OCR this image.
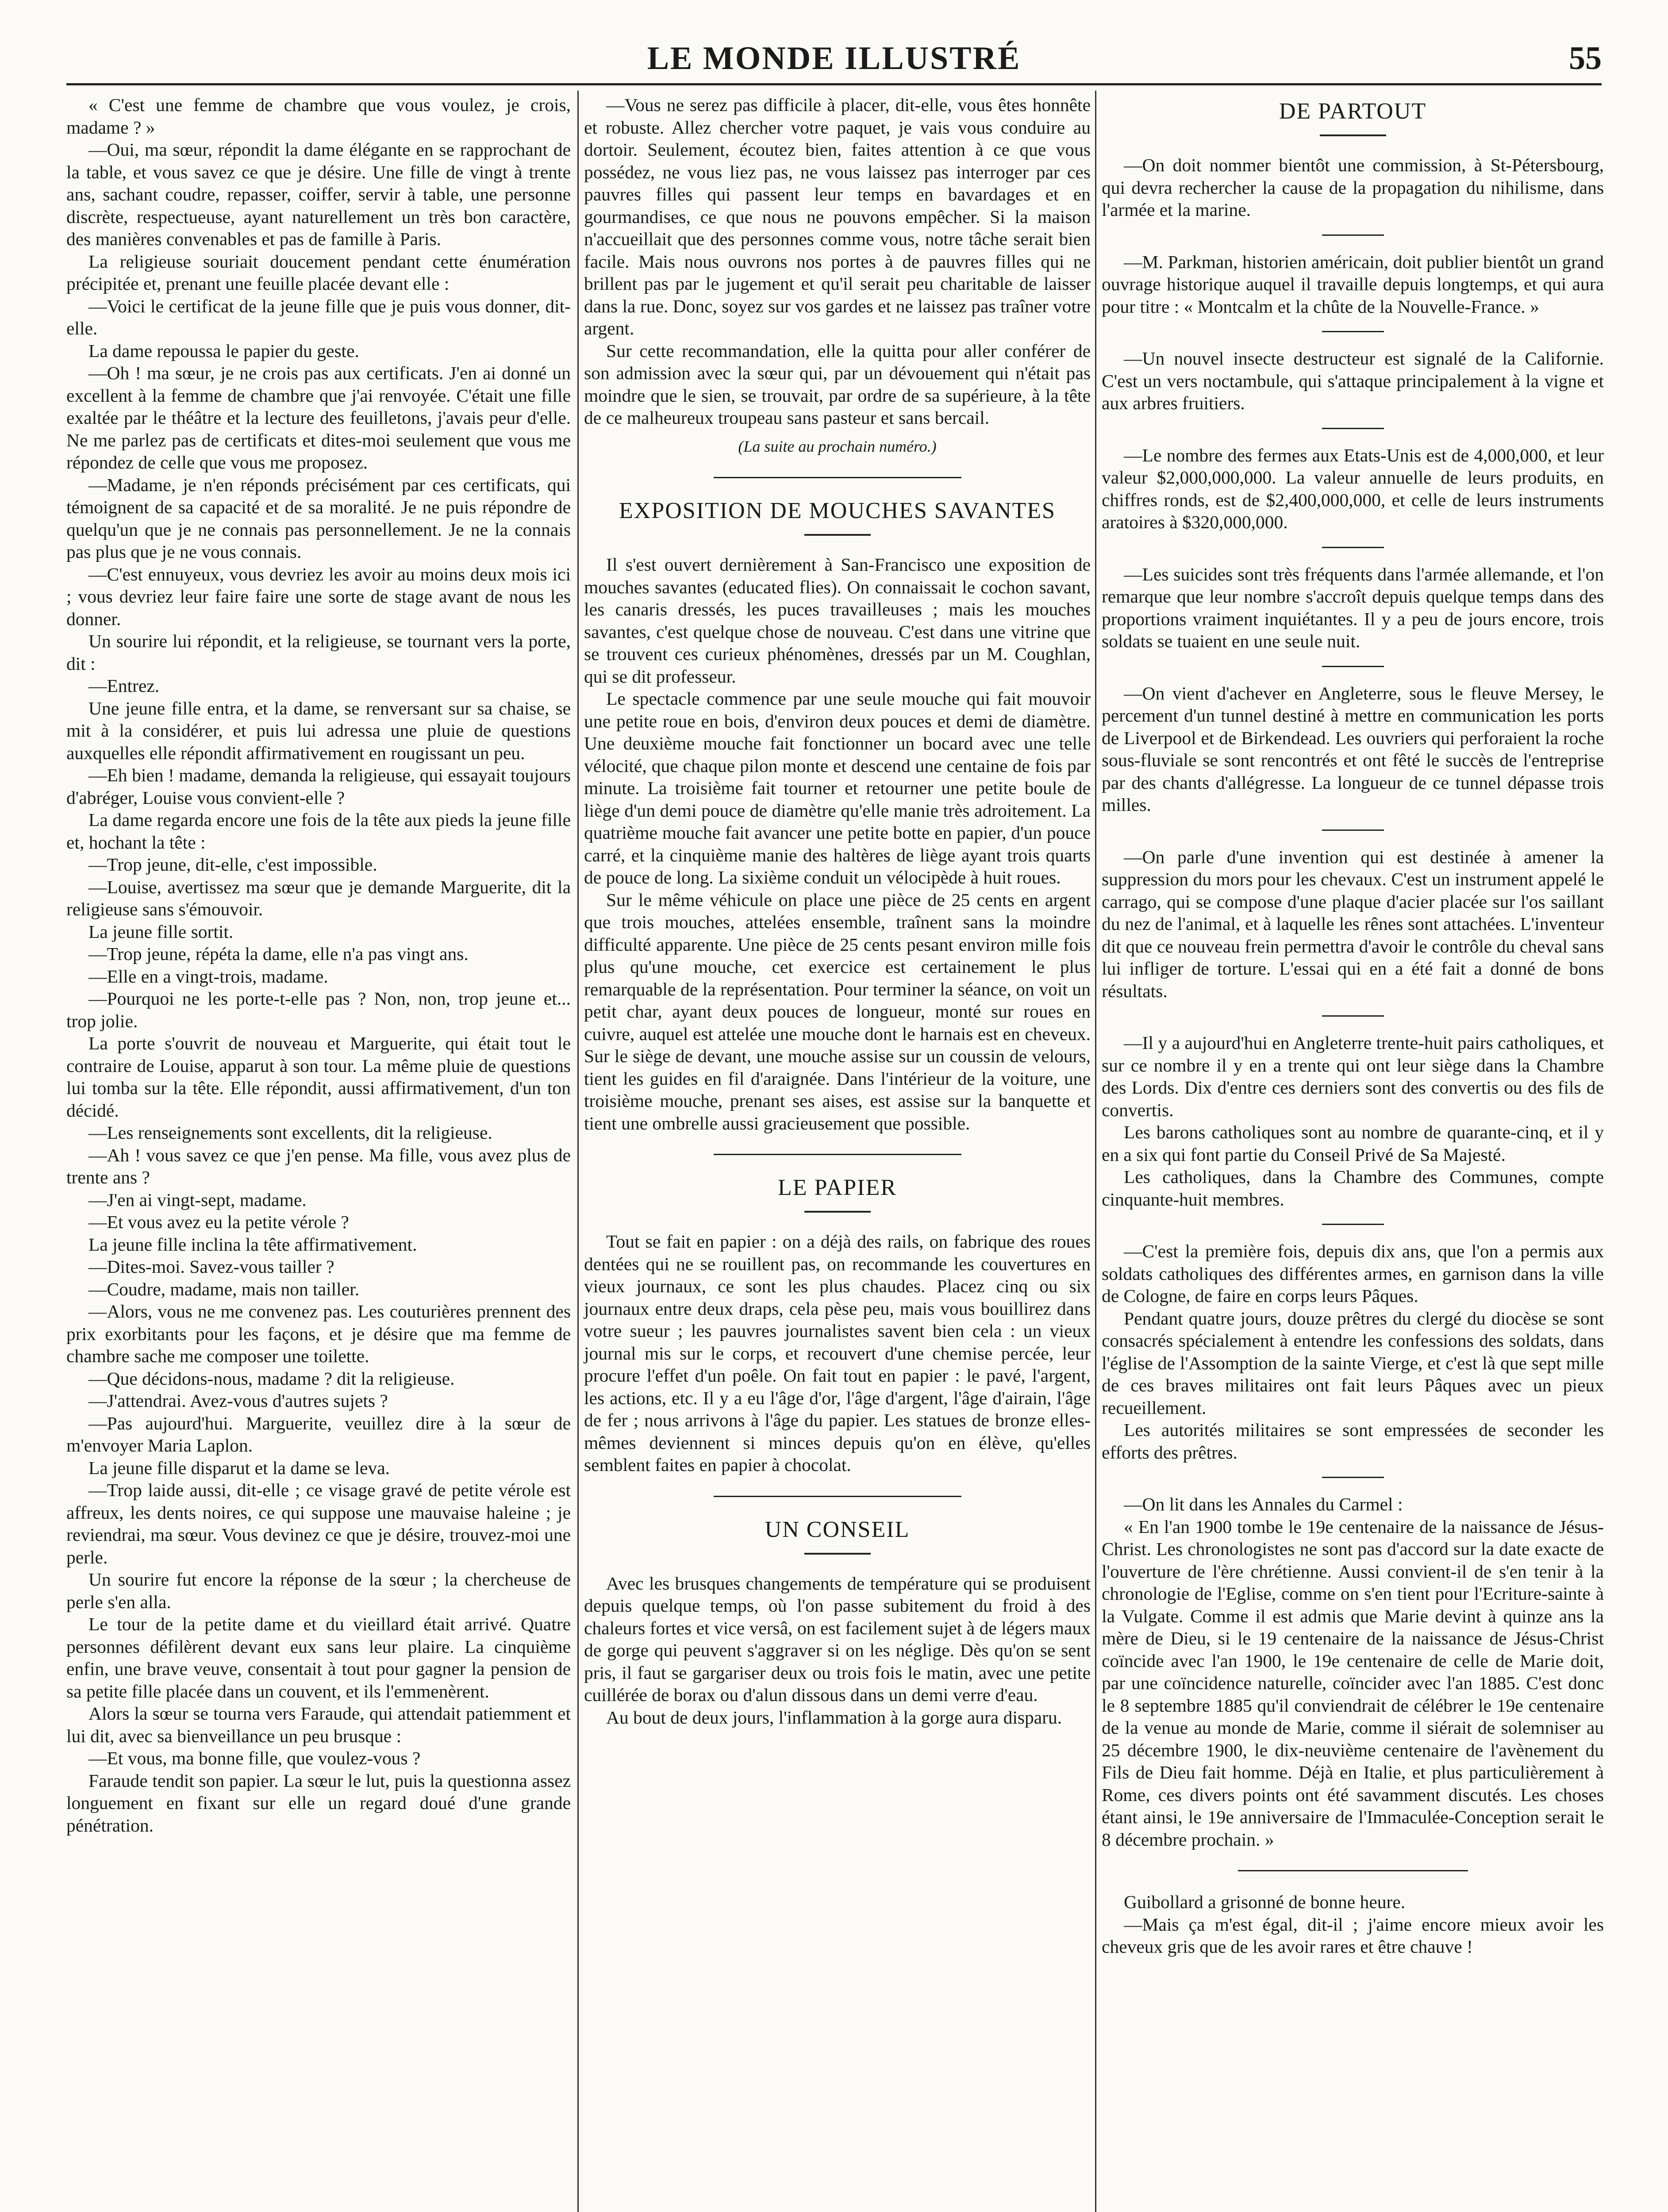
LE MONDE ILLUSTRÉ	55

« C'est une femme de chambre que vous voulez, je crois, madame ? »

—Oui, ma sœur, répondit la dame élégante en se rapprochant de la table, et vous savez ce que je désire. Une fille de vingt à trente ans, sachant coudre, repasser, coiffer, servir à table, une personne discrète, respectueuse, ayant naturellement un très bon caractère, des manières convenables et pas de famille à Paris.

La religieuse souriait doucement pendant cette énumération précipitée et, prenant une feuille placée devant elle :

—Voici le certificat de la jeune fille que je puis vous donner, dit-elle.

La dame repoussa le papier du geste.

—Oh ! ma sœur, je ne crois pas aux certificats. J'en ai donné un excellent à la femme de chambre que j'ai renvoyée. C'était une fille exaltée par le théâtre et la lecture des feuilletons, j'avais peur d'elle. Ne me parlez pas de certificats et dites-moi seulement que vous me répondez de celle que vous me proposez.

—Madame, je n'en réponds précisément par ces certificats, qui témoignent de sa capacité et de sa moralité. Je ne puis répondre de quelqu'un que je ne connais pas personnellement. Je ne la connais pas plus que je ne vous connais.

—C'est ennuyeux, vous devriez les avoir au moins deux mois ici ; vous devriez leur faire faire une sorte de stage avant de nous les donner.

Un sourire lui répondit, et la religieuse, se tournant vers la porte, dit :

—Entrez.

Une jeune fille entra, et la dame, se renversant sur sa chaise, se mit à la considérer, et puis lui adressa une pluie de questions auxquelles elle répondit affirmativement en rougissant un peu.

—Eh bien ! madame, demanda la religieuse, qui essayait toujours d'abréger, Louise vous convient-elle ?

La dame regarda encore une fois de la tête aux pieds la jeune fille et, hochant la tête :

—Trop jeune, dit-elle, c'est impossible.

—Louise, avertissez ma sœur que je demande Marguerite, dit la religieuse sans s'émouvoir.

La jeune fille sortit.

—Trop jeune, répéta la dame, elle n'a pas vingt ans.

—Elle en a vingt-trois, madame.

—Pourquoi ne les porte-t-elle pas ? Non, non, trop jeune et... trop jolie.

La porte s'ouvrit de nouveau et Marguerite, qui était tout le contraire de Louise, apparut à son tour. La même pluie de questions lui tomba sur la tête. Elle répondit, aussi affirmativement, d'un ton décidé.

—Les renseignements sont excellents, dit la religieuse.

—Ah ! vous savez ce que j'en pense. Ma fille, vous avez plus de trente ans ?

—J'en ai vingt-sept, madame.

—Et vous avez eu la petite vérole ?

La jeune fille inclina la tête affirmativement.

—Dites-moi. Savez-vous tailler ?

—Coudre, madame, mais non tailler.

—Alors, vous ne me convenez pas. Les couturières prennent des prix exorbitants pour les façons, et je désire que ma femme de chambre sache me composer une toilette.

—Que décidons-nous, madame ? dit la religieuse.

—J'attendrai. Avez-vous d'autres sujets ?

—Pas aujourd'hui. Marguerite, veuillez dire à la sœur de m'envoyer Maria Laplon.

La jeune fille disparut et la dame se leva.

—Trop laide aussi, dit-elle ; ce visage gravé de petite vérole est affreux, les dents noires, ce qui suppose une mauvaise haleine ; je reviendrai, ma sœur. Vous devinez ce que je désire, trouvez-moi une perle.

Un sourire fut encore la réponse de la sœur ; la chercheuse de perle s'en alla.

Le tour de la petite dame et du vieillard était arrivé. Quatre personnes défilèrent devant eux sans leur plaire. La cinquième enfin, une brave veuve, consentait à tout pour gagner la pension de sa petite fille placée dans un couvent, et ils l'emmenèrent.

Alors la sœur se tourna vers Faraude, qui attendait patiemment et lui dit, avec sa bienveillance un peu brusque :

—Et vous, ma bonne fille, que voulez-vous ?

Faraude tendit son papier. La sœur le lut, puis la questionna assez longuement en fixant sur elle un regard doué d'une grande pénétration.

—Vous ne serez pas difficile à placer, dit-elle, vous êtes honnête et robuste. Allez chercher votre paquet, je vais vous conduire au dortoir. Seulement, écoutez bien, faites attention à ce que vous possédez, ne vous liez pas, ne vous laissez pas interroger par ces pauvres filles qui passent leur temps en bavardages et en gourmandises, ce que nous ne pouvons empêcher. Si la maison n'accueillait que des personnes comme vous, notre tâche serait bien facile. Mais nous ouvrons nos portes à de pauvres filles qui ne brillent pas par le jugement et qu'il serait peu charitable de laisser dans la rue. Donc, soyez sur vos gardes et ne laissez pas traîner votre argent.

Sur cette recommandation, elle la quitta pour aller conférer de son admission avec la sœur qui, par un dévouement qui n'était pas moindre que le sien, se trouvait, par ordre de sa supérieure, à la tête de ce malheureux troupeau sans pasteur et sans bercail.

(La suite au prochain numéro.)

EXPOSITION DE MOUCHES SAVANTES

Il s'est ouvert dernièrement à San-Francisco une exposition de mouches savantes (educated flies). On connaissait le cochon savant, les canaris dressés, les puces travailleuses ; mais les mouches savantes, c'est quelque chose de nouveau. C'est dans une vitrine que se trouvent ces curieux phénomènes, dressés par un M. Coughlan, qui se dit professeur.

Le spectacle commence par une seule mouche qui fait mouvoir une petite roue en bois, d'environ deux pouces et demi de diamètre. Une deuxième mouche fait fonctionner un bocard avec une telle vélocité, que chaque pilon monte et descend une centaine de fois par minute. La troisième fait tourner et retourner une petite boule de liège d'un demi pouce de diamètre qu'elle manie très adroitement. La quatrième mouche fait avancer une petite botte en papier, d'un pouce carré, et la cinquième manie des haltères de liège ayant trois quarts de pouce de long. La sixième conduit un vélocipède à huit roues.

Sur le même véhicule on place une pièce de 25 cents en argent que trois mouches, attelées ensemble, traînent sans la moindre difficulté apparente. Une pièce de 25 cents pesant environ mille fois plus qu'une mouche, cet exercice est certainement le plus remarquable de la représentation. Pour terminer la séance, on voit un petit char, ayant deux pouces de longueur, monté sur roues en cuivre, auquel est attelée une mouche dont le harnais est en cheveux. Sur le siège de devant, une mouche assise sur un coussin de velours, tient les guides en fil d'araignée. Dans l'intérieur de la voiture, une troisième mouche, prenant ses aises, est assise sur la banquette et tient une ombrelle aussi gracieusement que possible.

LE PAPIER

Tout se fait en papier : on a déjà des rails, on fabrique des roues dentées qui ne se rouillent pas, on recommande les couvertures en vieux journaux, ce sont les plus chaudes. Placez cinq ou six journaux entre deux draps, cela pèse peu, mais vous bouillirez dans votre sueur ; les pauvres journalistes savent bien cela : un vieux journal mis sur le corps, et recouvert d'une chemise percée, leur procure l'effet d'un poêle. On fait tout en papier : le pavé, l'argent, les actions, etc. Il y a eu l'âge d'or, l'âge d'argent, l'âge d'airain, l'âge de fer ; nous arrivons à l'âge du papier. Les statues de bronze elles-mêmes deviennent si minces depuis qu'on en élève, qu'elles semblent faites en papier à chocolat.

UN CONSEIL

Avec les brusques changements de température qui se produisent depuis quelque temps, où l'on passe subitement du froid à des chaleurs fortes et vice versâ, on est facilement sujet à de légers maux de gorge qui peuvent s'aggraver si on les néglige. Dès qu'on se sent pris, il faut se gargariser deux ou trois fois le matin, avec une petite cuillérée de borax ou d'alun dissous dans un demi verre d'eau.

Au bout de deux jours, l'inflammation à la gorge aura disparu.

DE PARTOUT

—On doit nommer bientôt une commission, à St-Pétersbourg, qui devra rechercher la cause de la propagation du nihilisme, dans l'armée et la marine.

—M. Parkman, historien américain, doit publier bientôt un grand ouvrage historique auquel il travaille depuis longtemps, et qui aura pour titre : « Montcalm et la chûte de la Nouvelle-France. »

—Un nouvel insecte destructeur est signalé de la Californie. C'est un vers noctambule, qui s'attaque principalement à la vigne et aux arbres fruitiers.

—Le nombre des fermes aux Etats-Unis est de 4,000,000, et leur valeur $2,000,000,000. La valeur annuelle de leurs produits, en chiffres ronds, est de $2,400,000,000, et celle de leurs instruments aratoires à $320,000,000.

—Les suicides sont très fréquents dans l'armée allemande, et l'on remarque que leur nombre s'accroît depuis quelque temps dans des proportions vraiment inquiétantes. Il y a peu de jours encore, trois soldats se tuaient en une seule nuit.

—On vient d'achever en Angleterre, sous le fleuve Mersey, le percement d'un tunnel destiné à mettre en communication les ports de Liverpool et de Birkendead. Les ouvriers qui perforaient la roche sous-fluviale se sont rencontrés et ont fêté le succès de l'entreprise par des chants d'allégresse. La longueur de ce tunnel dépasse trois milles.

—On parle d'une invention qui est destinée à amener la suppression du mors pour les chevaux. C'est un instrument appelé le carrago, qui se compose d'une plaque d'acier placée sur l'os saillant du nez de l'animal, et à laquelle les rênes sont attachées. L'inventeur dit que ce nouveau frein permettra d'avoir le contrôle du cheval sans lui infliger de torture. L'essai qui en a été fait a donné de bons résultats.

—Il y a aujourd'hui en Angleterre trente-huit pairs catholiques, et sur ce nombre il y en a trente qui ont leur siège dans la Chambre des Lords. Dix d'entre ces derniers sont des convertis ou des fils de convertis.

Les barons catholiques sont au nombre de quarante-cinq, et il y en a six qui font partie du Conseil Privé de Sa Majesté.

Les catholiques, dans la Chambre des Communes, compte cinquante-huit membres.

—C'est la première fois, depuis dix ans, que l'on a permis aux soldats catholiques des différentes armes, en garnison dans la ville de Cologne, de faire en corps leurs Pâques.

Pendant quatre jours, douze prêtres du clergé du diocèse se sont consacrés spécialement à entendre les confessions des soldats, dans l'église de l'Assomption de la sainte Vierge, et c'est là que sept mille de ces braves militaires ont fait leurs Pâques avec un pieux recueillement.

Les autorités militaires se sont empressées de seconder les efforts des prêtres.

—On lit dans les Annales du Carmel :

« En l'an 1900 tombe le 19e centenaire de la naissance de Jésus-Christ. Les chronologistes ne sont pas d'accord sur la date exacte de l'ouverture de l'ère chrétienne. Aussi convient-il de s'en tenir à la chronologie de l'Eglise, comme on s'en tient pour l'Ecriture-sainte à la Vulgate. Comme il est admis que Marie devint à quinze ans la mère de Dieu, si le 19 centenaire de la naissance de Jésus-Christ coïncide avec l'an 1900, le 19e centenaire de celle de Marie doit, par une coïncidence naturelle, coïncider avec l'an 1885. C'est donc le 8 septembre 1885 qu'il conviendrait de célébrer le 19e centenaire de la venue au monde de Marie, comme il siérait de solemniser au 25 décembre 1900, le dix-neuvième centenaire de l'avènement du Fils de Dieu fait homme. Déjà en Italie, et plus particulièrement à Rome, ces divers points ont été savamment discutés. Les choses étant ainsi, le 19e anniversaire de l'Immaculée-Conception serait le 8 décembre prochain. »

Guibollard a grisonné de bonne heure.

—Mais ça m'est égal, dit-il ; j'aime encore mieux avoir les cheveux gris que de les avoir rares et être chauve !
